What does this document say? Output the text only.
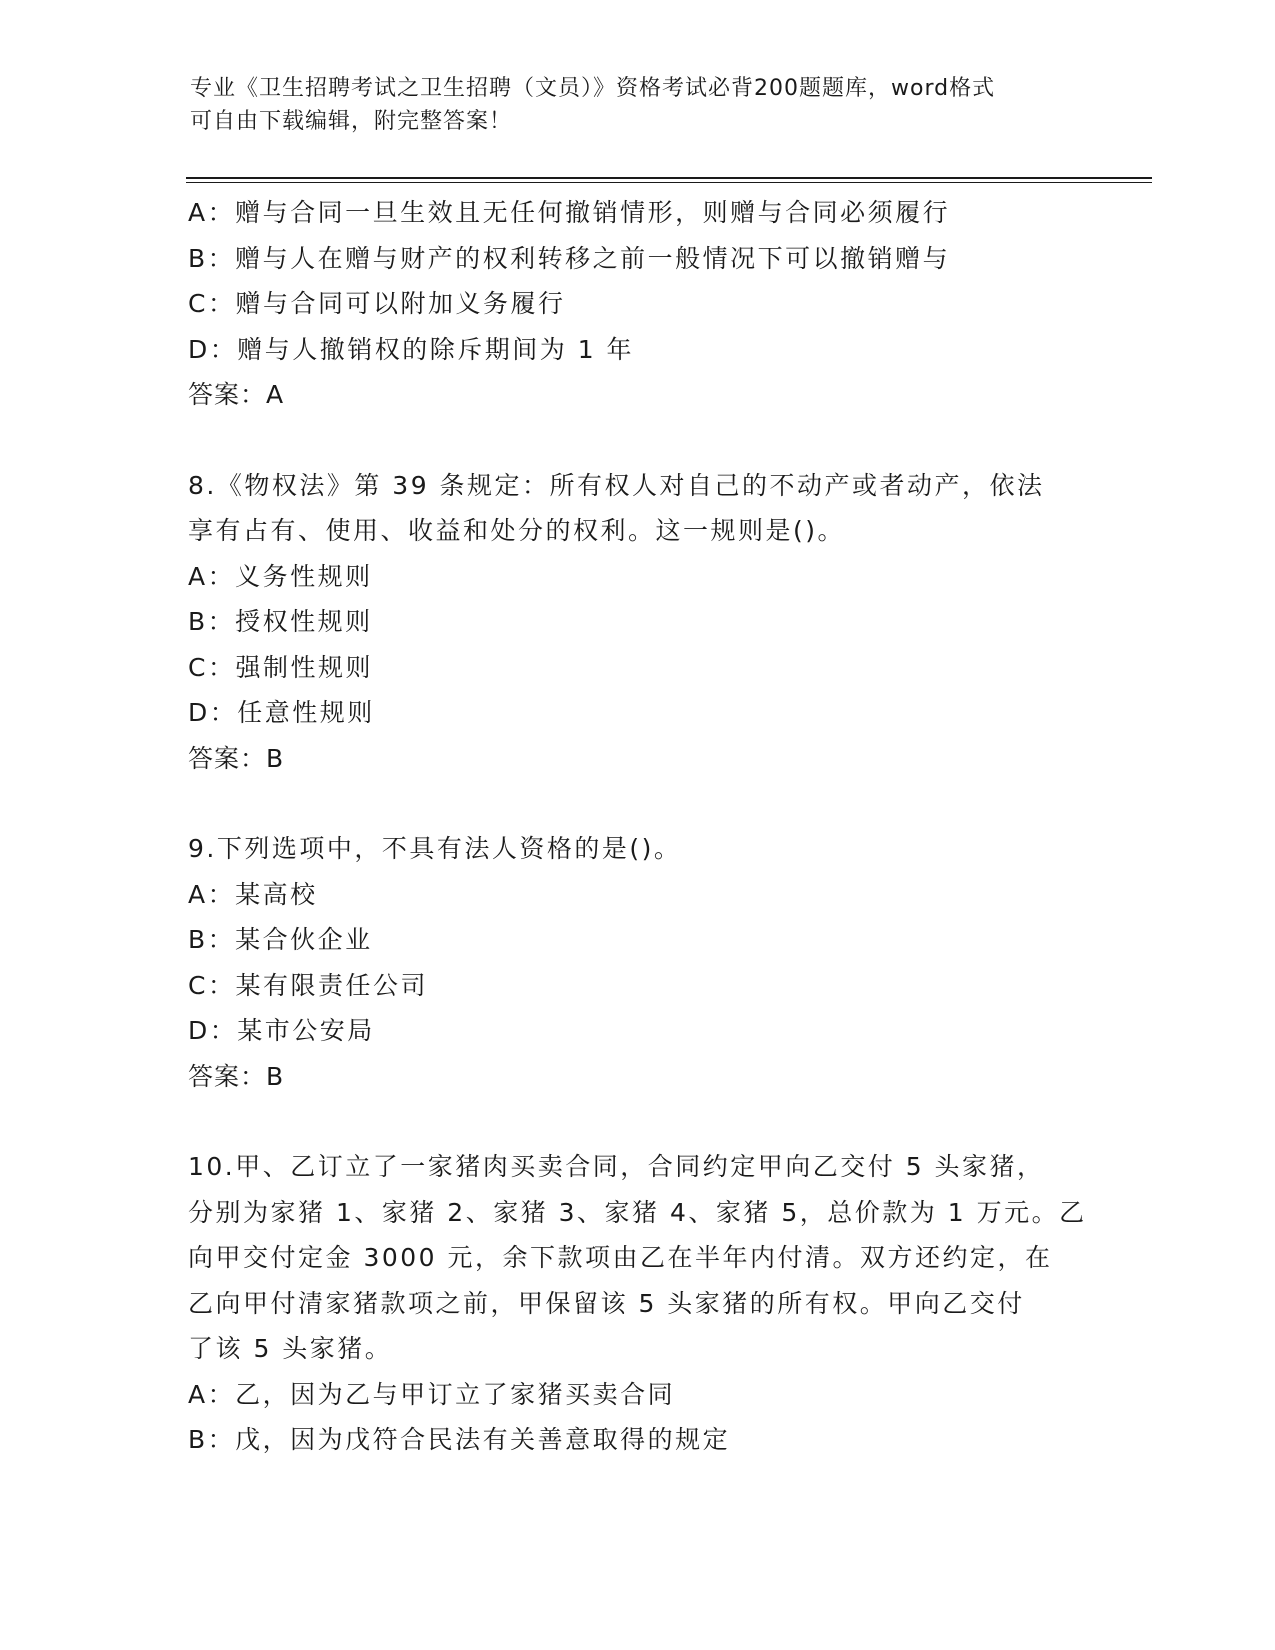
专业《卫生招聘考试之卫生招聘（文员）》资格考试必背200题题库，word格式
可自由下载编辑，附完整答案！

A：赠与合同一旦生效且无任何撤销情形，则赠与合同必须履行

B：赠与人在赠与财产的权利转移之前一般情况下可以撤销赠与

C：赠与合同可以附加义务履行

D：赠与人撤销权的除斥期间为 1 年

答案：A

8.《物权法》第 39 条规定：所有权人对自己的不动产或者动产，依法

享有占有、使用、收益和处分的权利。这一规则是()。

A：义务性规则

B：授权性规则

C：强制性规则

D：任意性规则

答案：B

9.下列选项中，不具有法人资格的是()。

A：某高校

B：某合伙企业

C：某有限责任公司

D：某市公安局

答案：B

10.甲、乙订立了一家猪肉买卖合同，合同约定甲向乙交付 5 头家猪，

分别为家猪 1、家猪 2、家猪 3、家猪 4、家猪 5，总价款为 1 万元。乙

向甲交付定金 3000 元，余下款项由乙在半年内付清。双方还约定，在

乙向甲付清家猪款项之前，甲保留该 5 头家猪的所有权。甲向乙交付

了该 5 头家猪。

A：乙，因为乙与甲订立了家猪买卖合同

B：戊，因为戊符合民法有关善意取得的规定
